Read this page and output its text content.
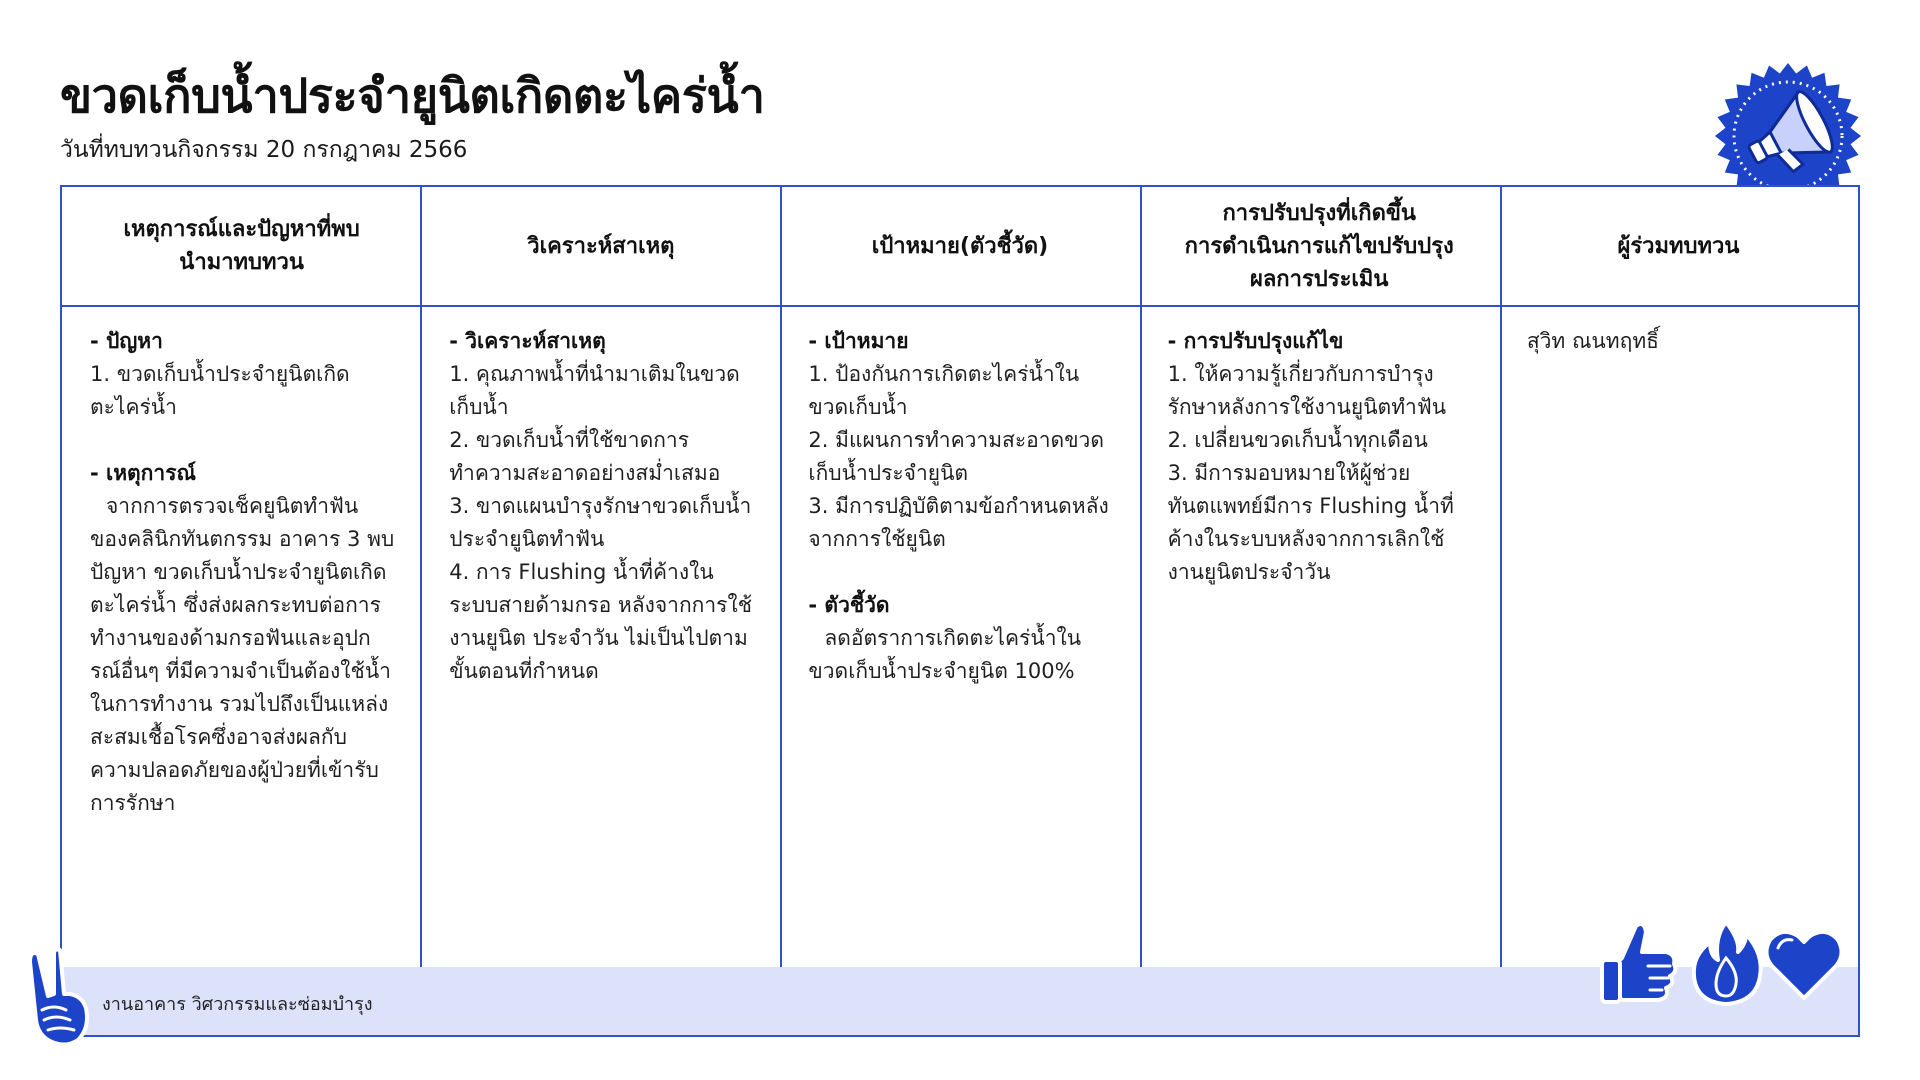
ขวดเก็บน้ำประจำยูนิตเกิดตะไคร่น้ำ
วันที่ทบทวนกิจกรรม 20 กรกฎาคม 2566
เหตุการณ์และปัญหาที่พบ
นำมาทบทวน
วิเคราะห์สาเหตุ	เป้าหมาย(ตัวชี้วัด)
การปรับปรุงที่เกิดขึ้น
การดำเนินการแก้ไขปรับปรุง
ผลการประเมิน
ผู้ร่วมทบทวน

- ปัญหา

1. ขวดเก็บน้ำประจำยูนิตเกิดตะไคร่น้ำ

- เหตุการณ์

จากการตรวจเช็คยูนิตทำฟันของคลินิกทันตกรรม อาคาร 3 พบปัญหา ขวดเก็บน้ำประจำยูนิตเกิดตะไคร่น้ำ ซึ่งส่งผลกระทบต่อการทำงานของด้ามกรอฟันและอุปกรณ์อื่นๆ ที่มีความจำเป็นต้องใช้น้ำในการทำงาน รวมไปถึงเป็นแหล่งสะสมเชื้อโรคซึ่งอาจส่งผลกับความปลอดภัยของผู้ป่วยที่เข้ารับการรักษา

- วิเคราะห์สาเหตุ

1. คุณภาพน้ำที่นำมาเติมในขวดเก็บน้ำ

2. ขวดเก็บน้ำที่ใช้ขาดการทำความสะอาดอย่างสม่ำเสมอ

3. ขาดแผนบำรุงรักษาขวดเก็บน้ำประจำยูนิตทำฟัน

4. การ Flushing น้ำที่ค้างในระบบสายด้ามกรอ หลังจากการใช้งานยูนิต ประจำวัน ไม่เป็นไปตามขั้นตอนที่กำหนด

- เป้าหมาย

1. ป้องกันการเกิดตะไคร่น้ำในขวดเก็บน้ำ

2. มีแผนการทำความสะอาดขวดเก็บน้ำประจำยูนิต

3. มีการปฏิบัติตามข้อกำหนดหลังจากการใช้ยูนิต

- ตัวชี้วัด

ลดอัตราการเกิดตะไคร่น้ำในขวดเก็บน้ำประจำยูนิต 100%

- การปรับปรุงแก้ไข

1. ให้ความรู้เกี่ยวกับการบำรุงรักษาหลังการใช้งานยูนิตทำฟัน

2. เปลี่ยนขวดเก็บน้ำทุกเดือน

3. มีการมอบหมายให้ผู้ช่วยทันตแพทย์มีการ Flushing น้ำที่ค้างในระบบหลังจากการเลิกใช้งานยูนิตประจำวัน

สุวิท ณนทฤทธิ์

งานอาคาร วิศวกรรมและซ่อมบำรุง
